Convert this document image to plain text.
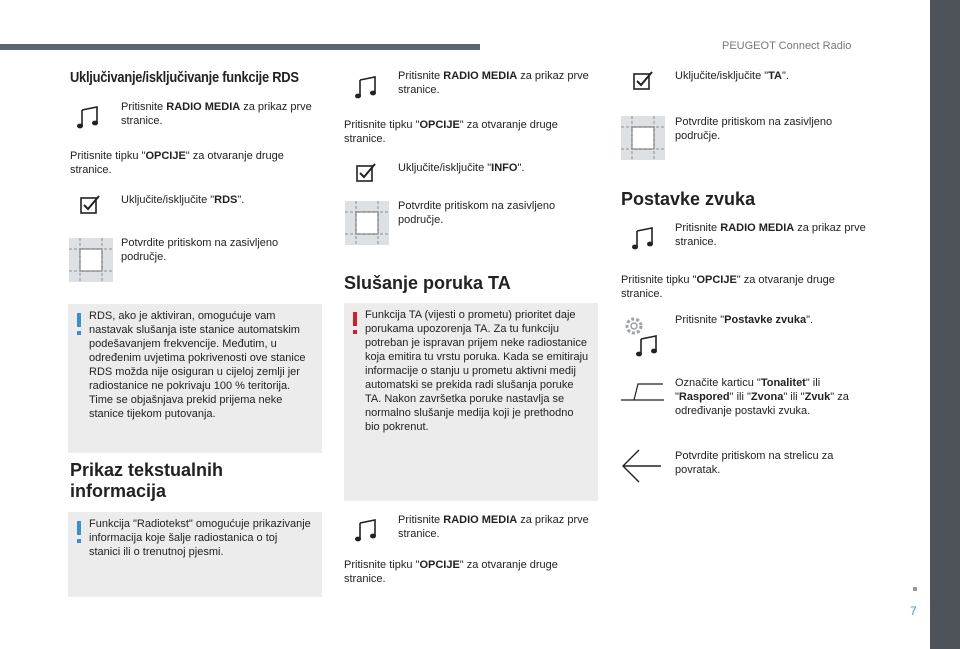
PEUGEOT Connect Radio
7
Uključivanje/isključivanje funkcije RDS
Pritisnite RADIO MEDIA za prikaz prve stranice.
Pritisnite tipku "OPCIJE" za otvaranje druge stranice.
Uključite/isključite "RDS".
Potvrdite pritiskom na zasivljeno područje.
RDS, ako je aktiviran, omogućuje vam nastavak slušanja iste stanice automatskim podešavanjem frekvencije. Međutim, u određenim uvjetima pokrivenosti ove stanice RDS možda nije osiguran u cijeloj zemlji jer radiostanice ne pokrivaju 100 % teritorija. Time se objašnjava prekid prijema neke stanice tijekom putovanja.
Prikaz tekstualnih informacija
Funkcija "Radiotekst" omogućuje prikazivanje informacija koje šalje radiostanica o toj stanici ili o trenutnoj pjesmi.
Pritisnite RADIO MEDIA za prikaz prve stranice.
Pritisnite tipku "OPCIJE" za otvaranje druge stranice.
Uključite/isključite "INFO".
Potvrdite pritiskom na zasivljeno područje.
Slušanje poruka TA
Funkcija TA (vijesti o prometu) prioritet daje porukama upozorenja TA. Za tu funkciju potreban je ispravan prijem neke radiostanice koja emitira tu vrstu poruka. Kada se emitiraju informacije o stanju u prometu aktivni medij automatski se prekida radi slušanja poruke TA. Nakon završetka poruke nastavlja se normalno slušanje medija koji je prethodno bio pokrenut.
Pritisnite RADIO MEDIA za prikaz prve stranice.
Pritisnite tipku "OPCIJE" za otvaranje druge stranice.
Uključite/isključite "TA".
Potvrdite pritiskom na zasivljeno područje.
Postavke zvuka
Pritisnite RADIO MEDIA za prikaz prve stranice.
Pritisnite tipku "OPCIJE" za otvaranje druge stranice.
Pritisnite "Postavke zvuka".
Označite karticu "Tonalitet" ili "Raspored" ili "Zvona" ili "Zvuk" za određivanje postavki zvuka.
Potvrdite pritiskom na strelicu za povratak.
